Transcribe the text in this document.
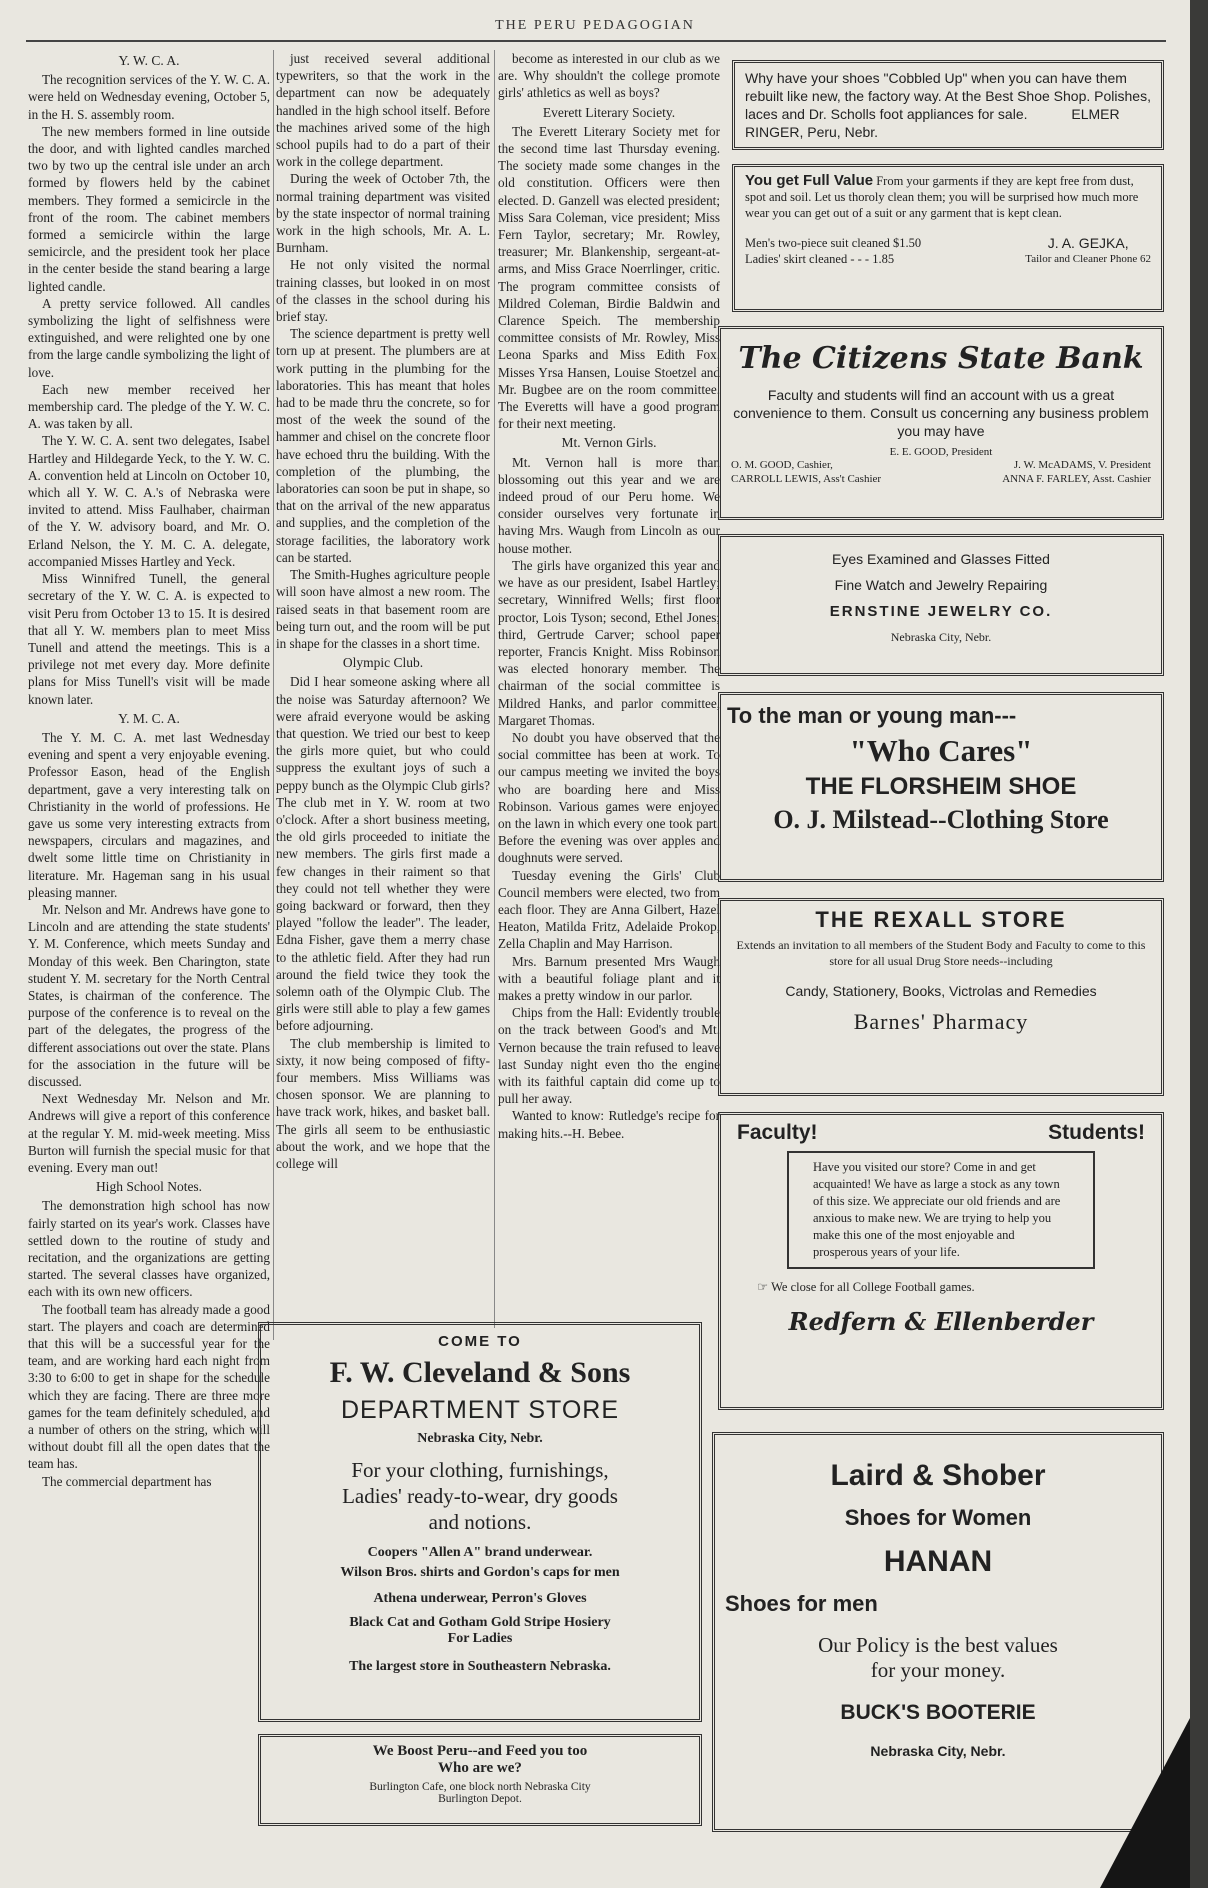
THE PERU PEDAGOGIAN
Y. W. C. A.

The recognition services of the Y. W. C. A. were held on Wednesday evening, October 5, in the H. S. assembly room.

The new members formed in line outside the door, and with lighted candles marched two by two up the central isle under an arch formed by flowers held by the cabinet members. They formed a semicircle in the front of the room. The cabinet members formed a semicircle within the large semicircle, and the president took her place in the center beside the stand bearing a large lighted candle.

A pretty service followed. All candles symbolizing the light of selfishness were extinguished, and were relighted one by one from the large candle symbolizing the light of love.

Each new member received her membership card. The pledge of the Y. W. C. A. was taken by all.

The Y. W. C. A. sent two delegates, Isabel Hartley and Hildegarde Yeck, to the Y. W. C. A. convention held at Lincoln on October 10, which all Y. W. C. A.'s of Nebraska were invited to attend. Miss Faulhaber, chairman of the Y. W. advisory board, and Mr. O. Erland Nelson, the Y. M. C. A. delegate, accompanied Misses Hartley and Yeck.

Miss Winnifred Tunell, the general secretary of the Y. W. C. A. is expected to visit Peru from October 13 to 15. It is desired that all Y. W. members plan to meet Miss Tunell and attend the meetings. This is a privilege not met every day. More definite plans for Miss Tunell's visit will be made known later.

Y. M. C. A.

The Y. M. C. A. met last Wednesday evening and spent a very enjoyable evening. Professor Eason, head of the English department, gave a very interesting talk on Christianity in the world of professions. He gave us some very interesting extracts from newspapers, circulars and magazines, and dwelt some little time on Christianity in literature. Mr. Hageman sang in his usual pleasing manner.

Mr. Nelson and Mr. Andrews have gone to Lincoln and are attending the state students' Y. M. Conference, which meets Sunday and Monday of this week. Ben Charington, state student Y. M. secretary for the North Central States, is chairman of the conference. The purpose of the conference is to reveal on the part of the delegates, the progress of the different associations out over the state. Plans for the association in the future will be discussed.

Next Wednesday Mr. Nelson and Mr. Andrews will give a report of this conference at the regular Y. M. mid-week meeting. Miss Burton will furnish the special music for that evening. Every man out!

High School Notes.

The demonstration high school has now fairly started on its year's work. Classes have settled down to the routine of study and recitation, and the organizations are getting started. The several classes have organized, each with its own new officers.

The football team has already made a good start. The players and coach are determined that this will be a successful year for the team, and are working hard each night from 3:30 to 6:00 to get in shape for the schedule which they are facing. There are three more games for the team definitely scheduled, and a number of others on the string, which will without doubt fill all the open dates that the team has.

The commercial department has

just received several additional typewriters, so that the work in the department can now be adequately handled in the high school itself. Before the machines arived some of the high school pupils had to do a part of their work in the college department.

During the week of October 7th, the normal training department was visited by the state inspector of normal training work in the high schools, Mr. A. L. Burnham.

He not only visited the normal training classes, but looked in on most of the classes in the school during his brief stay.

The science department is pretty well torn up at present. The plumbers are at work putting in the plumbing for the laboratories. This has meant that holes had to be made thru the concrete, so for most of the week the sound of the hammer and chisel on the concrete floor have echoed thru the building. With the completion of the plumbing, the laboratories can soon be put in shape, so that on the arrival of the new apparatus and supplies, and the completion of the storage facilities, the laboratory work can be started.

The Smith-Hughes agriculture people will soon have almost a new room. The raised seats in that basement room are being turn out, and the room will be put in shape for the classes in a short time.

Olympic Club.

Did I hear someone asking where all the noise was Saturday afternoon? We were afraid everyone would be asking that question. We tried our best to keep the girls more quiet, but who could suppress the exultant joys of such a peppy bunch as the Olympic Club girls? The club met in Y. W. room at two o'clock. After a short business meeting, the old girls proceeded to initiate the new members. The girls first made a few changes in their raiment so that they could not tell whether they were going backward or forward, then they played "follow the leader". The leader, Edna Fisher, gave them a merry chase to the athletic field. After they had run around the field twice they took the solemn oath of the Olympic Club. The girls were still able to play a few games before adjourning.

The club membership is limited to sixty, it now being composed of fifty-four members. Miss Williams was chosen sponsor. We are planning to have track work, hikes, and basket ball. The girls all seem to be enthusiastic about the work, and we hope that the college will

become as interested in our club as we are. Why shouldn't the college promote girls' athletics as well as boys?

Everett Literary Society.

The Everett Literary Society met for the second time last Thursday evening. The society made some changes in the old constitution. Officers were then elected. D. Ganzell was elected president; Miss Sara Coleman, vice president; Miss Fern Taylor, secretary; Mr. Rowley, treasurer; Mr. Blankenship, sergeant-at-arms, and Miss Grace Noerrlinger, critic. The program committee consists of Mildred Coleman, Birdie Baldwin and Clarence Speich. The membership committee consists of Mr. Rowley, Miss Leona Sparks and Miss Edith Fox. Misses Yrsa Hansen, Louise Stoetzel and Mr. Bugbee are on the room committee. The Everetts will have a good program for their next meeting.

Mt. Vernon Girls.

Mt. Vernon hall is more than blossoming out this year and we are indeed proud of our Peru home. We consider ourselves very fortunate in having Mrs. Waugh from Lincoln as our house mother.

The girls have organized this year and we have as our president, Isabel Hartley; secretary, Winnifred Wells; first floor proctor, Lois Tyson; second, Ethel Jones; third, Gertrude Carver; school paper reporter, Francis Knight. Miss Robinson was elected honorary member. The chairman of the social committee is Mildred Hanks, and parlor committee, Margaret Thomas.

No doubt you have observed that the social committee has been at work. To our campus meeting we invited the boys who are boarding here and Miss Robinson. Various games were enjoyed on the lawn in which every one took part. Before the evening was over apples and doughnuts were served.

Tuesday evening the Girls' Club Council members were elected, two from each floor. They are Anna Gilbert, Hazel Heaton, Matilda Fritz, Adelaide Prokop, Zella Chaplin and May Harrison.

Mrs. Barnum presented Mrs Waugh with a beautiful foliage plant and it makes a pretty window in our parlor.

Chips from the Hall: Evidently trouble on the track between Good's and Mt. Vernon because the train refused to leave last Sunday night even tho the engine with its faithful captain did come up to pull her away.

Wanted to know: Rutledge's recipe for making hits.--H. Bebee.

Why have your shoes "Cobbled Up" when you can have them rebuilt like new, the factory way. At the Best Shoe Shop. Polishes, laces and Dr. Scholls foot appliances for sale.	ELMER RINGER, Peru, Nebr.
You get Full Value From your garments if they are kept free from dust, spot and soil. Let us thoroly clean them; you will be surprised how much more wear you can get out of a suit or any garment that is kept clean.
Men's two-piece suit cleaned $1.50
Ladies' skirt cleaned - - - 1.85
J. A. GEJKA,
Tailor and Cleaner Phone 62
The Citizens State Bank
Faculty and students will find an account with us a great convenience to them. Consult us concerning any business problem you may have
E. E. GOOD, President
O. M. GOOD, Cashier,	J. W. McADAMS, V. President
CARROLL LEWIS, Ass't Cashier	ANNA F. FARLEY, Asst. Cashier
Eyes Examined and Glasses Fitted
Fine Watch and Jewelry Repairing
ERNSTINE JEWELRY CO.
Nebraska City, Nebr.
To the man or young man---
"Who Cares"
THE FLORSHEIM SHOE
O. J. Milstead--Clothing Store
THE REXALL STORE
Extends an invitation to all members of the Student Body and Faculty to come to this store for all usual Drug Store needs--including
Candy, Stationery, Books, Victrolas and Remedies
Barnes' Pharmacy
Faculty!	Students!
Have you visited our store? Come in and get acquainted! We have as large a stock as any town of this size. We appreciate our old friends and are anxious to make new. We are trying to help you make this one of the most enjoyable and prosperous years of your life.
☞ We close for all College Football games.
Redfern & Ellenberder
Laird & Shober
Shoes for Women
HANAN
Shoes for men
Our Policy is the best values
for your money.
BUCK'S BOOTERIE
Nebraska City, Nebr.
COME TO
F. W. Cleveland & Sons
DEPARTMENT STORE
Nebraska City, Nebr.
For your clothing, furnishings,
Ladies' ready-to-wear, dry goods
and notions.
Coopers "Allen A" brand underwear.
Wilson Bros. shirts and Gordon's caps for men
Athena underwear, Perron's Gloves
Black Cat and Gotham Gold Stripe Hosiery
For Ladies
The largest store in Southeastern Nebraska.
We Boost Peru--and Feed you too
Who are we?
Burlington Cafe, one block north Nebraska City
Burlington Depot.
